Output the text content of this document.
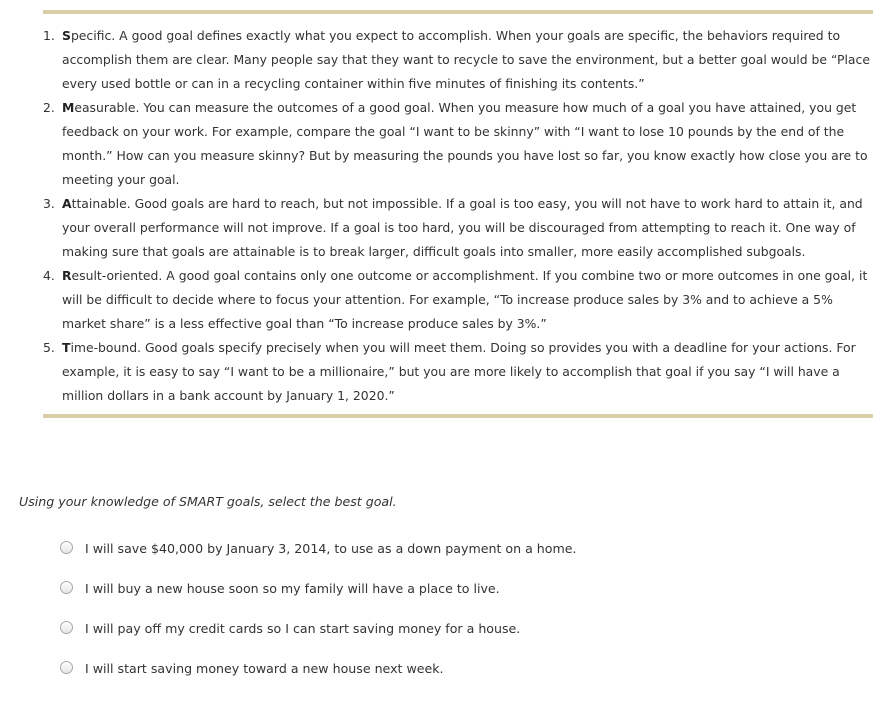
1. Specific. A good goal defines exactly what you expect to accomplish. When your goals are specific, the behaviors required to accomplish them are clear. Many people say that they want to recycle to save the environment, but a better goal would be “Place every used bottle or can in a recycling container within five minutes of finishing its contents.”
2. Measurable. You can measure the outcomes of a good goal. When you measure how much of a goal you have attained, you get feedback on your work. For example, compare the goal “I want to be skinny” with “I want to lose 10 pounds by the end of the month.” How can you measure skinny? But by measuring the pounds you have lost so far, you know exactly how close you are to meeting your goal.
3. Attainable. Good goals are hard to reach, but not impossible. If a goal is too easy, you will not have to work hard to attain it, and your overall performance will not improve. If a goal is too hard, you will be discouraged from attempting to reach it. One way of making sure that goals are attainable is to break larger, difficult goals into smaller, more easily accomplished subgoals.
4. Result-oriented. A good goal contains only one outcome or accomplishment. If you combine two or more outcomes in one goal, it will be difficult to decide where to focus your attention. For example, “To increase produce sales by 3% and to achieve a 5% market share” is a less effective goal than “To increase produce sales by 3%.”
5. Time-bound. Good goals specify precisely when you will meet them. Doing so provides you with a deadline for your actions. For example, it is easy to say “I want to be a millionaire,” but you are more likely to accomplish that goal if you say “I will have a million dollars in a bank account by January 1, 2020.”
Using your knowledge of SMART goals, select the best goal.
I will save $40,000 by January 3, 2014, to use as a down payment on a home.
I will buy a new house soon so my family will have a place to live.
I will pay off my credit cards so I can start saving money for a house.
I will start saving money toward a new house next week.
